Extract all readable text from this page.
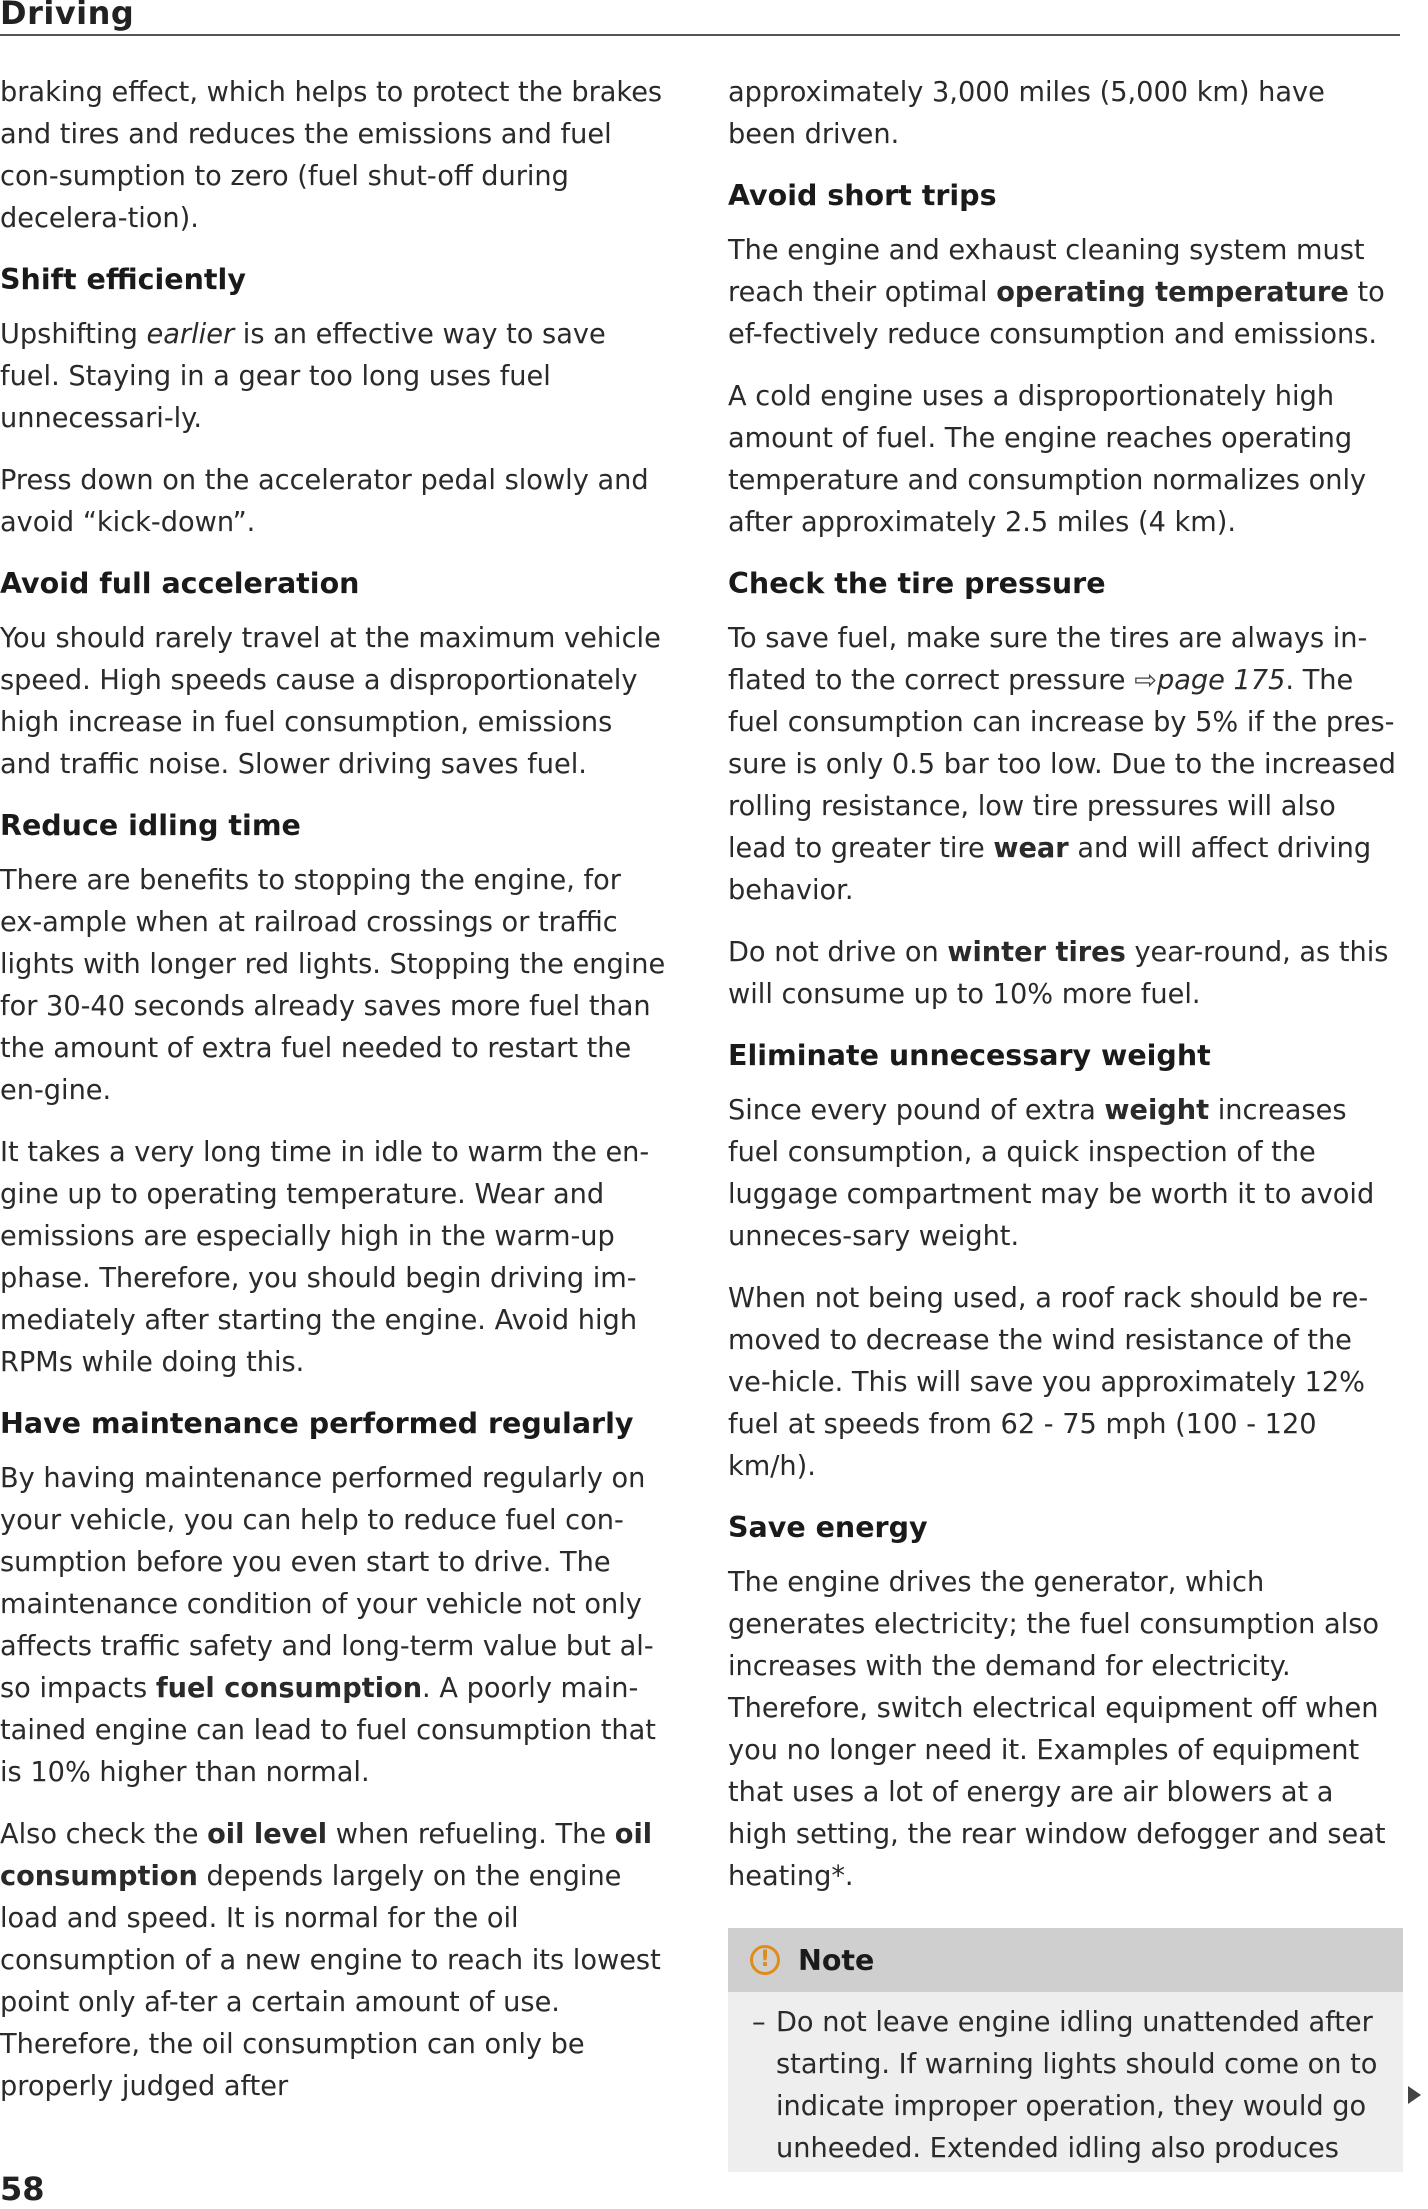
Driving

braking effect, which helps to protect the brakes and tires and reduces the emissions and fuel con-sumption to zero (fuel shut-off during decelera-tion).

Shift efficiently

Upshifting earlier is an effective way to save fuel. Staying in a gear too long uses fuel unnecessari-ly.

Press down on the accelerator pedal slowly and avoid “kick-down”.

Avoid full acceleration

You should rarely travel at the maximum vehicle speed. High speeds cause a disproportionately high increase in fuel consumption, emissions and traffic noise. Slower driving saves fuel.

Reduce idling time

There are benefits to stopping the engine, for ex-ample when at railroad crossings or traffic lights with longer red lights. Stopping the engine for 30-40 seconds already saves more fuel than the amount of extra fuel needed to restart the en-gine.

It takes a very long time in idle to warm the en-gine up to operating temperature. Wear and emissions are especially high in the warm-up phase. Therefore, you should begin driving im-mediately after starting the engine. Avoid high RPMs while doing this.

Have maintenance performed regularly

By having maintenance performed regularly on your vehicle, you can help to reduce fuel con-sumption before you even start to drive. The maintenance condition of your vehicle not only affects traffic safety and long-term value but al-so impacts fuel consumption. A poorly main-tained engine can lead to fuel consumption that is 10% higher than normal.

Also check the oil level when refueling. The oil consumption depends largely on the engine load and speed. It is normal for the oil consumption of a new engine to reach its lowest point only af-ter a certain amount of use. Therefore, the oil consumption can only be properly judged after

approximately 3,000 miles (5,000 km) have been driven.

Avoid short trips

The engine and exhaust cleaning system must reach their optimal operating temperature to ef-fectively reduce consumption and emissions.

A cold engine uses a disproportionately high amount of fuel. The engine reaches operating temperature and consumption normalizes only after approximately 2.5 miles (4 km).

Check the tire pressure

To save fuel, make sure the tires are always in-flated to the correct pressure ⇨page 175. The fuel consumption can increase by 5% if the pres-sure is only 0.5 bar too low. Due to the increased rolling resistance, low tire pressures will also lead to greater tire wear and will affect driving behavior.

Do not drive on winter tires year-round, as this will consume up to 10% more fuel.

Eliminate unnecessary weight

Since every pound of extra weight increases fuel consumption, a quick inspection of the luggage compartment may be worth it to avoid unneces-sary weight.

When not being used, a roof rack should be re-moved to decrease the wind resistance of the ve-hicle. This will save you approximately 12% fuel at speeds from 62 - 75 mph (100 - 120 km/h).

Save energy

The engine drives the generator, which generates electricity; the fuel consumption also increases with the demand for electricity. Therefore, switch electrical equipment off when you no longer need it. Examples of equipment that uses a lot of energy are air blowers at a high setting, the rear window defogger and seat heating*.

! Note
– Do not leave engine idling unattended after starting. If warning lights should come on to indicate improper operation, they would go unheeded. Extended idling also produces
58
